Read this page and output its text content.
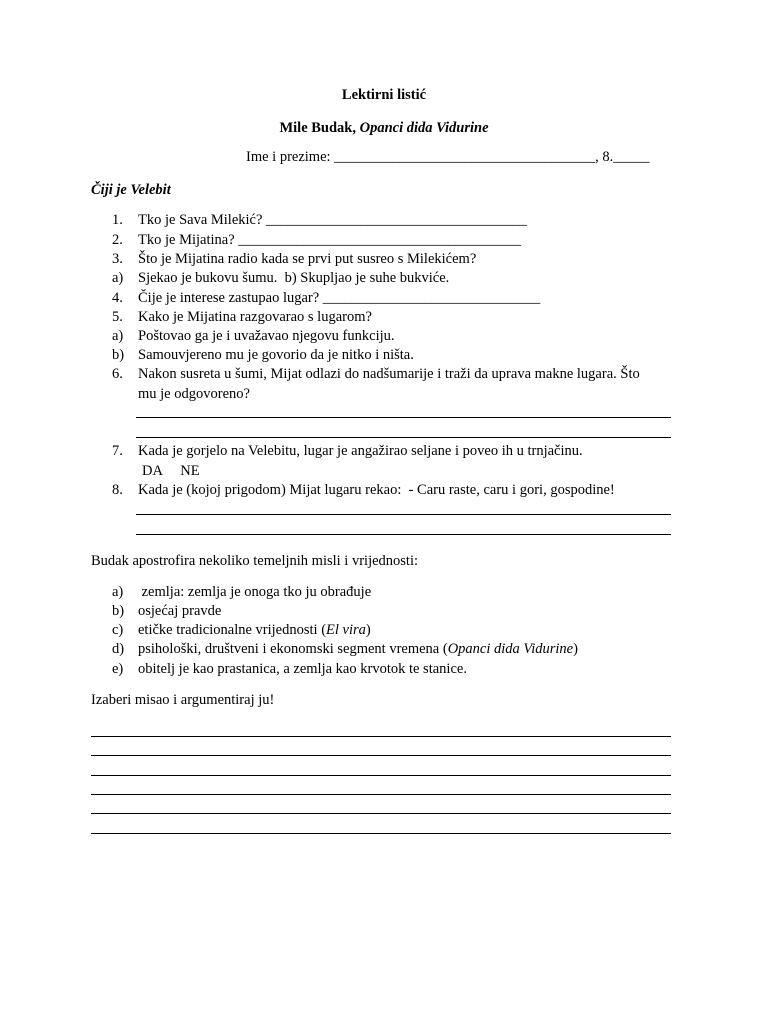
Lektirni listić
Mile Budak, Opanci dida Vidurine
Ime i prezime: ____________________________________, 8._____
Čiji je Velebit
1. Tko je Sava Milekić? ____________________________________
2. Tko je Mijatina? _______________________________________
3. Što je Mijatina radio kada se prvi put susreo s Milekićem?
a) Sjekao je bukovu šumu.  b) Skupljao je suhe bukviće.
4. Čije je interese zastupao lugar? ______________________________
5. Kako je Mijatina razgovarao s lugarom?
a) Poštovao ga je i uvažavao njegovu funkciju.
b) Samouvjereno mu je govorio da je nitko i ništa.
6. Nakon susreta u šumi, Mijat odlazi do nadšumarije i traži da uprava makne lugara. Što
mu je odgovoreno?
7. Kada je gorjelo na Velebitu, lugar je angažirao seljane i poveo ih u trnjačinu.
DA     NE
8. Kada je (kojoj prigodom) Mijat lugaru rekao:  - Caru raste, caru i gori, gospodine!
Budak apostrofira nekoliko temeljnih misli i vrijednosti:
a) zemlja: zemlja je onoga tko ju obrađuje
b) osjećaj pravde
c) etičke tradicionalne vrijednosti (El vira)
d) psihološki, društveni i ekonomski segment vremena (Opanci dida Vidurine)
e) obitelj je kao prastanica, a zemlja kao krvotok te stanice.
Izaberi misao i argumentiraj ju!
